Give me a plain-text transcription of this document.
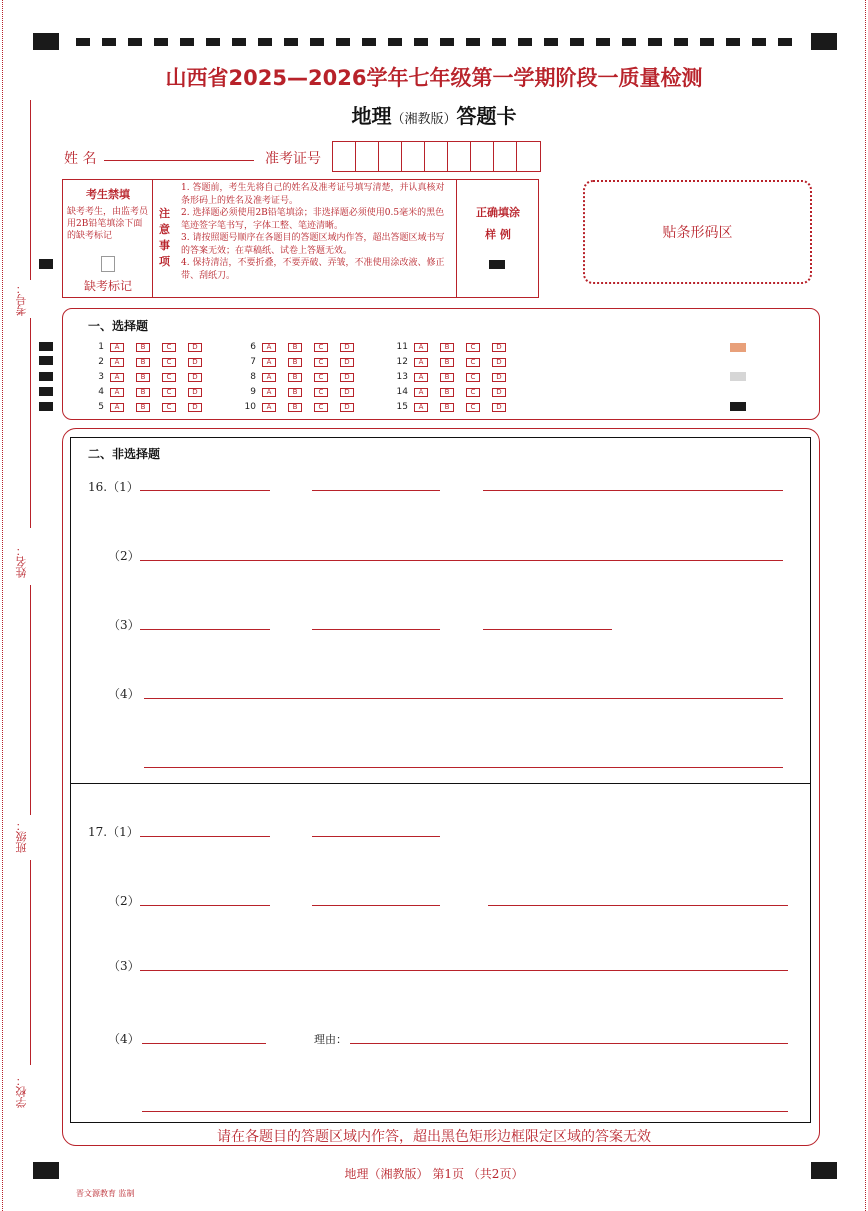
考号：
姓名：
班级：
学校：
山西省2025—2026学年七年级第一学期阶段一质量检测
地理（湘教版）答题卡
姓 名	准考证号
考生禁填
缺考考生，由监考员用2B铅笔填涂下面的缺考标记
缺考标记
注意事项
1. 答题前，考生先将自己的姓名及准考证号填写清楚，并认真核对条形码上的姓名及准考证号。
2. 选择题必须使用2B铅笔填涂；非选择题必须使用0.5毫米的黑色笔迹签字笔书写，字体工整、笔迹清晰。
3. 请按照题号顺序在各题目的答题区域内作答，超出答题区域书写的答案无效；在草稿纸、试卷上答题无效。
4. 保持清洁，不要折叠，不要弄破、弄皱，不准使用涂改液、修正带、刮纸刀。
正确填涂
样 例	贴条形码区
一、选择题
1	A	B	C	D
2	A	B	C	D
3	A	B	C	D
4	A	B	C	D
5	A	B	C	D
6	A	B	C	D
7	A	B	C	D
8	A	B	C	D
9	A	B	C	D
10	A	B	C	D
11	A	B	C	D
12	A	B	C	D
13	A	B	C	D
14	A	B	C	D
15	A	B	C	D
二、非选择题
16.（1）
（2）
（3）
（4）
17.（1）
（2）
（3）
（4）	理由：
请在各题目的答题区域内作答，超出黑色矩形边框限定区域的答案无效
地理（湘教版） 第1页 （共2页）
晋文源教育 监制
